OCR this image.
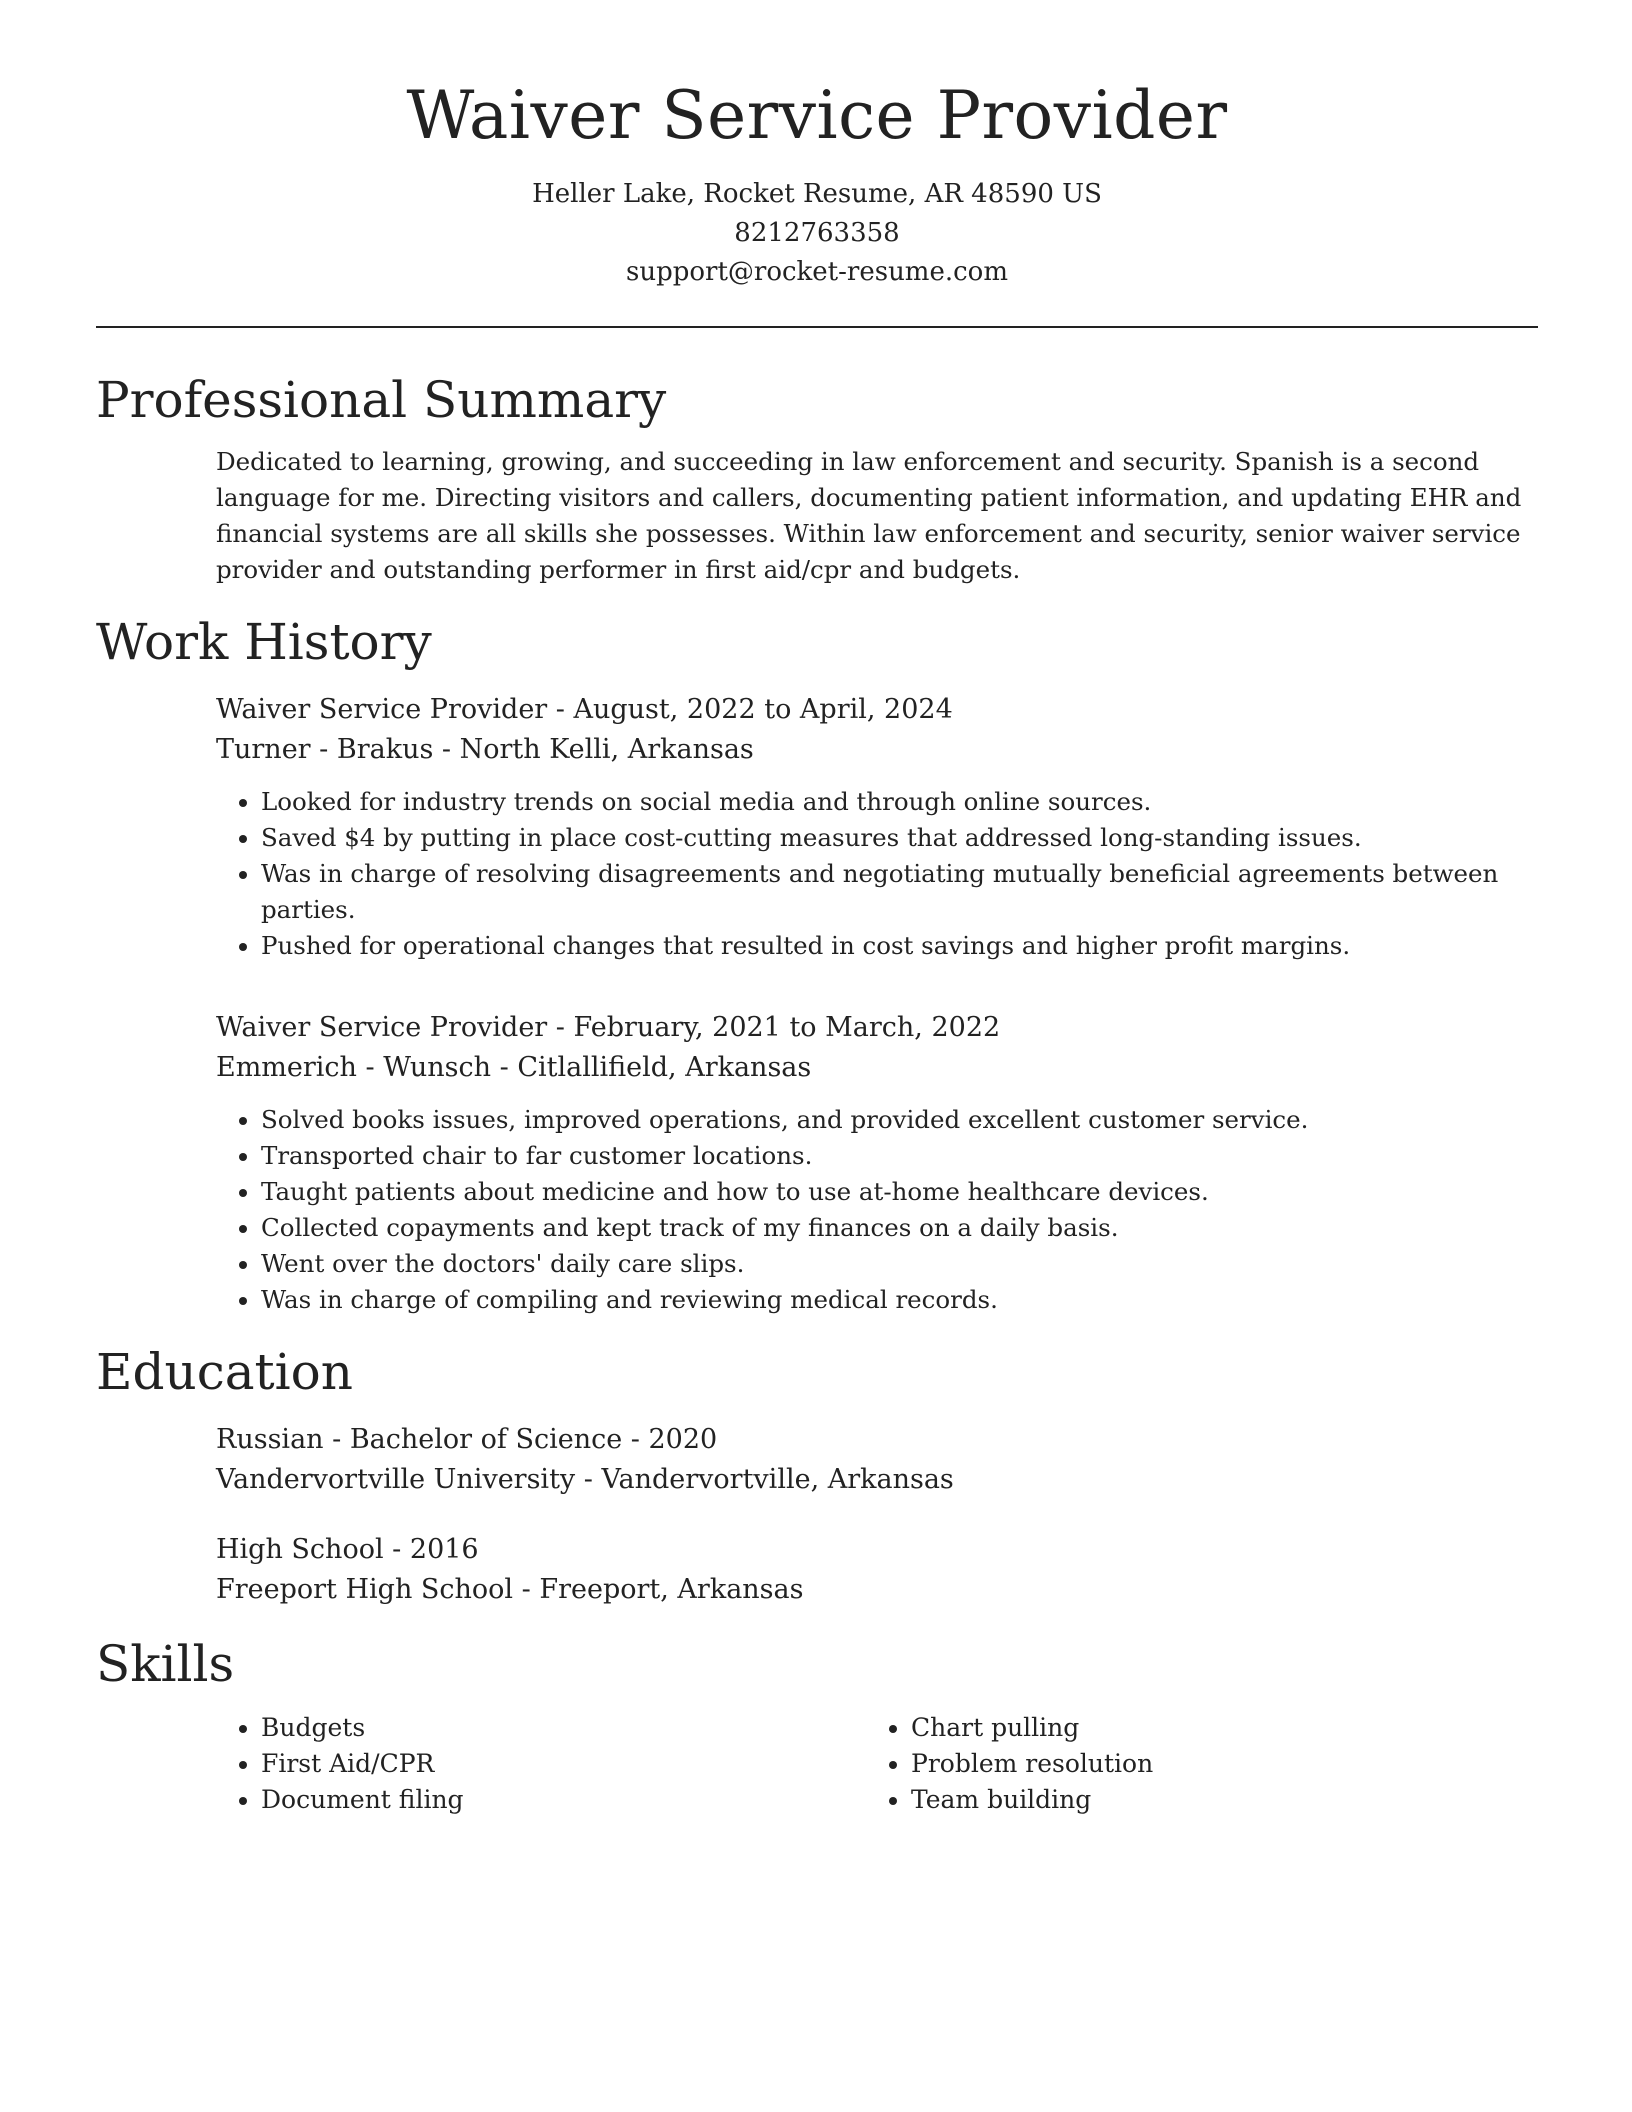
Waiver Service Provider
Heller Lake, Rocket Resume, AR 48590 US
8212763358
support@rocket-resume.com
Professional Summary
Dedicated to learning, growing, and succeeding in law enforcement and security. Spanish is a second language for me. Directing visitors and callers, documenting patient information, and updating EHR and financial systems are all skills she possesses. Within law enforcement and security, senior waiver service provider and outstanding performer in first aid/cpr and budgets.
Work History
Waiver Service Provider - August, 2022 to April, 2024
Turner - Brakus - North Kelli, Arkansas
• Looked for industry trends on social media and through online sources.
• Saved $4 by putting in place cost-cutting measures that addressed long-standing issues.
• Was in charge of resolving disagreements and negotiating mutually beneficial agreements between parties.
• Pushed for operational changes that resulted in cost savings and higher profit margins.
Waiver Service Provider - February, 2021 to March, 2022
Emmerich - Wunsch - Citlallifield, Arkansas
• Solved books issues, improved operations, and provided excellent customer service.
• Transported chair to far customer locations.
• Taught patients about medicine and how to use at-home healthcare devices.
• Collected copayments and kept track of my finances on a daily basis.
• Went over the doctors' daily care slips.
• Was in charge of compiling and reviewing medical records.
Education
Russian - Bachelor of Science - 2020
Vandervortville University - Vandervortville, Arkansas
High School - 2016
Freeport High School - Freeport, Arkansas
Skills
• Budgets
• First Aid/CPR
• Document filing
• Chart pulling
• Problem resolution
• Team building
